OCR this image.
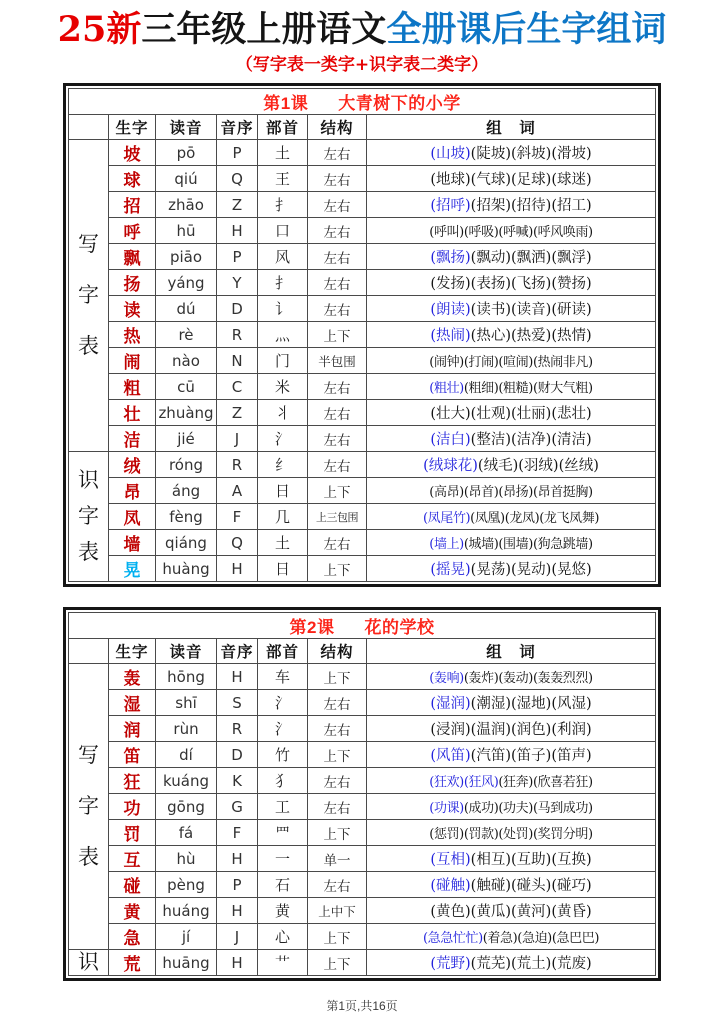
25新三年级上册语文全册课后生字组词
（写字表一类字+识字表二类字）
第1课 大青树下的小学						
	生字	读音	音序	部首	结构	组　词

写
字
表	坡	pō	P	土	左右	(山坡)(陡坡)(斜坡)(滑坡)
	球	qiú	Q	王	左右	(地球)(气球)(足球)(球迷)
	招	zhāo	Z	扌	左右	(招呼)(招架)(招待)(招工)
	呼	hū	H	口	左右	(呼叫)(呼吸)(呼喊)(呼风唤雨)
	飘	piāo	P	风	左右	(飘扬)(飘动)(飘洒)(飘浮)
	扬	yáng	Y	扌	左右	(发扬)(表扬)(飞扬)(赞扬)
	读	dú	D	讠	左右	(朗读)(读书)(读音)(研读)
	热	rè	R	灬	上下	(热闹)(热心)(热爱)(热情)
	闹	nào	N	门	半包围	(闹钟)(打闹)(喧闹)(热闹非凡)
	粗	cū	C	米	左右	(粗壮)(粗细)(粗糙)(财大气粗)
	壮	zhuàng	Z	丬	左右	(壮大)(壮观)(壮丽)(悲壮)
	洁	jié	J	氵	左右	(洁白)(整洁)(洁净)(清洁)

识
字
表	绒	róng	R	纟	左右	(绒球花)(绒毛)(羽绒)(丝绒)
	昂	áng	A	日	上下	(高昂)(昂首)(昂扬)(昂首挺胸)
	凤	fèng	F	几	上三包围	(凤尾竹)(凤凰)(龙凤)(龙飞凤舞)
	墙	qiáng	Q	土	左右	(墙上)(城墙)(围墙)(狗急跳墙)
	晃	huàng	H	日	上下	(摇晃)(晃荡)(晃动)(晃悠)
第2课 花的学校						
	生字	读音	音序	部首	结构	组　词

写
字
表	轰	hōng	H	车	上下	(轰响)(轰炸)(轰动)(轰轰烈烈)
	湿	shī	S	氵	左右	(湿润)(潮湿)(湿地)(风湿)
	润	rùn	R	氵	左右	(浸润)(温润)(润色)(利润)
	笛	dí	D	竹	上下	(风笛)(汽笛)(笛子)(笛声)
	狂	kuáng	K	犭	左右	(狂欢)(狂风)(狂奔)(欣喜若狂)
	功	gōng	G	工	左右	(功课)(成功)(功夫)(马到成功)
	罚	fá	F	罒	上下	(惩罚)(罚款)(处罚)(奖罚分明)
	互	hù	H	一	单一	(互相)(相互)(互助)(互换)
	碰	pèng	P	石	左右	(碰触)(触碰)(碰头)(碰巧)
	黄	huáng	H	黄	上中下	(黄色)(黄瓜)(黄河)(黄昏)
	急	jí	J	心	上下	(急急忙忙)(着急)(急迫)(急巴巴)

识	荒	huāng	H	艹	上下	(荒野)(荒芜)(荒土)(荒废)
第1页,共16页
